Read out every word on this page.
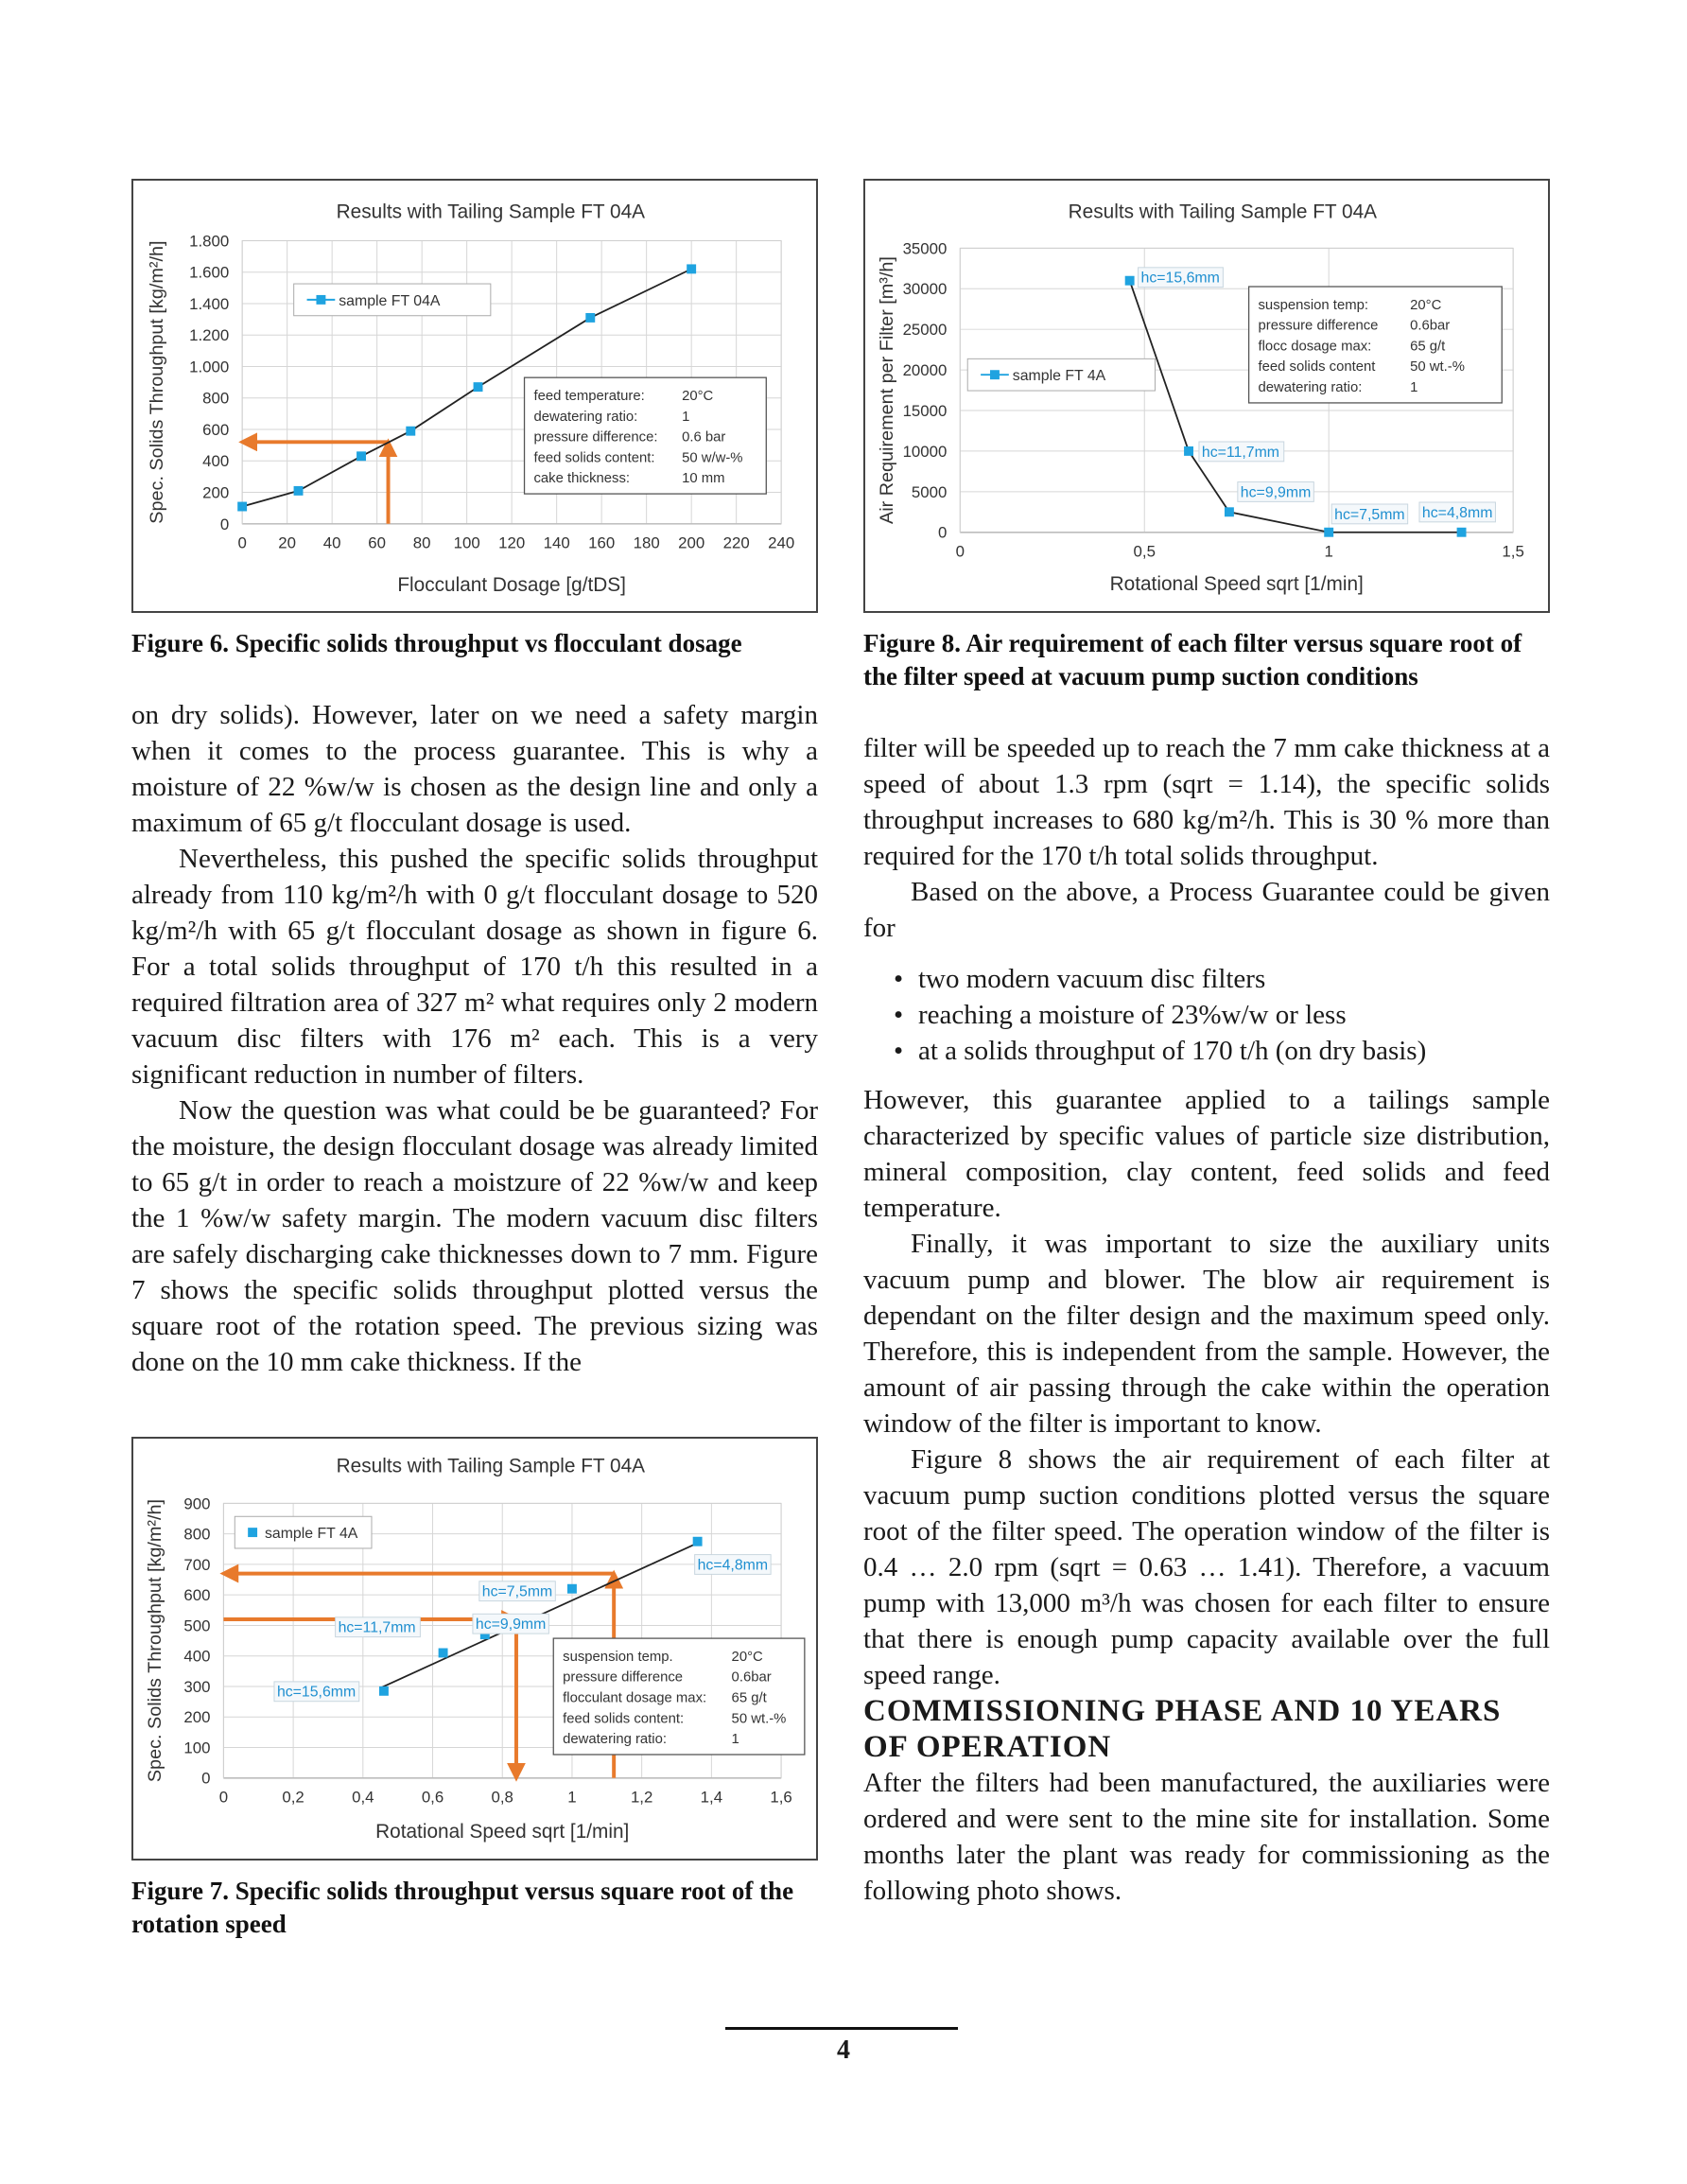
Results with Tailing Sample FT 04A
0 20 40 60 80 100 120 140 160 180 200 220 240
0
200
400
600
800
1.000
1.200
1.400
1.600
1.800
Flocculant Dosage [g/tDS]
Spec. Solids Throughput [kg/m²/h]	sample FT 04A
feed temperature:	20°C
dewatering ratio:	1
pressure difference: 0.6 bar
feed solids content: 50 w/w-%
cake thickness:	10 mm
Figure 6. Specific solids throughput vs flocculant dosage
Results with Tailing Sample FT 04A
0	0,5	1	1,5
0
5000
10000
15000
20000
25000
30000
35000
Rotational Speed sqrt [1/min]
Air Requirement per Filter [m³/h]	hc=15,6mm
hc=11,7mm
hc=9,9mm
hc=7,5mm hc=4,8mm
sample FT 4A
suspension temp:	20°C
pressure difference 0.6bar
flocc dosage max:	65 g/t
feed solids content 50 wt.-%
dewatering ratio:	1
Figure 8. Air requirement of each filter versus square root of the filter speed at vacuum pump suction conditions
Results with Tailing Sample FT 04A
0	0,2	0,4	0,6	0,8	1	1,2	1,4	1,6
0
100
200
300
400
500
600
700
800
900
Rotational Speed sqrt [1/min]
Spec. Solids Throughput [kg/m²/h]	hc=15,6mm
hc=11,7mm	hc=9,9mm
hc=7,5mm
hc=4,8mm
sample FT 4A
suspension temp.	20°C
pressure difference	0.6bar
flocculant dosage max: 65 g/t
feed solids content:	50 wt.-%
dewatering ratio:	1
Figure 7. Specific solids throughput versus square root of the rotation speed

on dry solids). However, later on we need a safety margin when it comes to the process guarantee. This is why a moisture of 22 %w/w is chosen as the design line and only a maximum of 65 g/t flocculant dosage is used.

Nevertheless, this pushed the specific solids throughput already from 110 kg/m²/h with 0 g/t flocculant dosage to 520 kg/m²/h with 65 g/t flocculant dosage as shown in figure 6. For a total solids throughput of 170 t/h this resulted in a required filtration area of 327 m² what requires only 2 modern vacuum disc filters with 176 m² each. This is a very significant reduction in number of filters.

Now the question was what could be be guaranteed? For the moisture, the design flocculant dosage was already limited to 65 g/t in order to reach a moistzure of 22 %w/w and keep the 1 %w/w safety margin. The modern vacuum disc filters are safely discharging cake thicknesses down to 7 mm. Figure 7 shows the specific solids throughput plotted versus the square root of the rotation speed. The previous sizing was done on the 10 mm cake thickness. If the

filter will be speeded up to reach the 7 mm cake thickness at a speed of about 1.3 rpm (sqrt = 1.14), the specific solids throughput increases to 680 kg/m²/h. This is 30 % more than required for the 170 t/h total solids throughput.

Based on the above, a Process Guarantee could be given for

• two modern vacuum disc filters
• reaching a moisture of 23%w/w or less
• at a solids throughput of 170 t/h (on dry basis)

However, this guarantee applied to a tailings sample characterized by specific values of particle size distribution, mineral composition, clay content, feed solids and feed temperature.

Finally, it was important to size the auxiliary units vacuum pump and blower. The blow air requirement is dependant on the filter design and the maximum speed only. Therefore, this is independent from the sample. However, the amount of air passing through the cake within the operation window of the filter is important to know.

Figure 8 shows the air requirement of each filter at vacuum pump suction conditions plotted versus the square root of the filter speed. The operation window of the filter is 0.4 … 2.0 rpm (sqrt = 0.63 … 1.41). Therefore, a vacuum pump with 13,000 m³/h was chosen for each filter to ensure that there is enough pump capacity available over the full speed range.

COMMISSIONING PHASE AND 10 YEARS OF OPERATION

After the filters had been manufactured, the auxiliaries were ordered and were sent to the mine site for installation. Some months later the plant was ready for commissioning as the following photo shows.

4
